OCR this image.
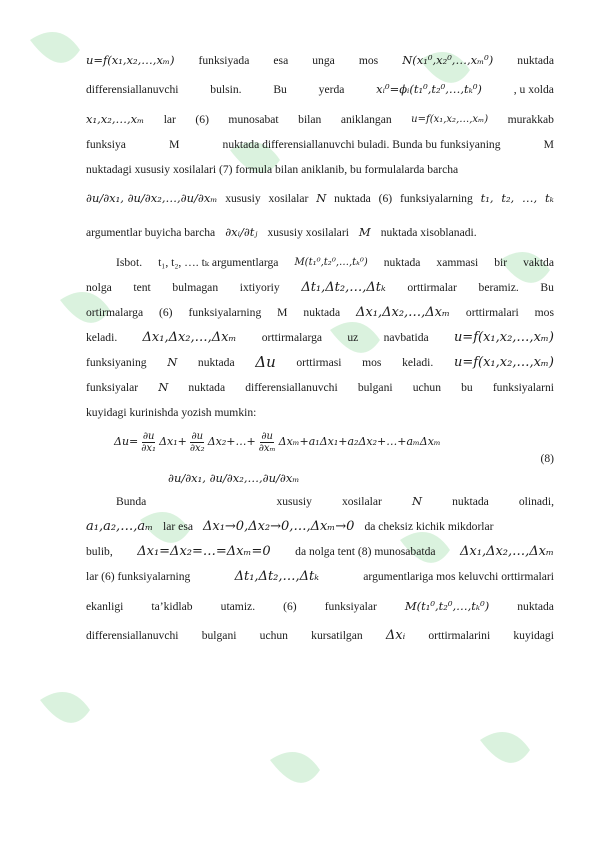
u=f(x₁,x₂,…,xₘ) funksiyada esa unga mos N(x₁⁰,x₂⁰,…,xₘ⁰) nuktada
differensiallanuvchi	bulsin.	Bu	yerda	xᵢ⁰=ϕᵢ(t₁⁰,t₂⁰,…,tₖ⁰)	, u xolda
x₁,x₂,…,xₘ lar (6) munosabat bilan aniklangan u=f(x₁,x₂,…,xₘ) murakkab
funksiya	M	nuktada differensiallanuvchi buladi. Bunda bu funksiyaning	M
nuktadagi xususiy xosilalari (7) formula bilan aniklanib, bu formulalarda barcha
∂u/∂x₁, ∂u/∂x₂,…,∂u/∂xₘ xususiy xosilalar N nuktada (6) funksiyalarning t₁, t₂, …, tₖ
argumentlar buyicha barcha ∂xᵢ/∂tⱼ xususiy xosilalari M nuktada xisoblanadi.
Isbot. t₁, t₂, …. tₖ argumentlarga M(t₁⁰,t₂⁰,…,tₖ⁰) nuktada xammasi bir vaktda
nolga tent bulmagan ixtiyoriy Δt₁,Δt₂,…,Δtₖ orttirmalar beramiz. Bu
ortirmalarga (6) funksiyalarning M nuktada Δx₁,Δx₂,…,Δxₘ orttirmalari mos
keladi. Δx₁,Δx₂,…,Δxₘ orttirmalarga uz navbatida u=f(x₁,x₂,…,xₘ)
funksiyaning N nuktada Δu orttirmasi mos keladi. u=f(x₁,x₂,…,xₘ)
funksiyalar N nuktada differensiallanuvchi bulgani uchun bu funksiyalarni
kuyidagi kurinishda yozish mumkin:
$\Delta u= \frac{\partial u}{\text{∂x₁}} \Delta x_1+ \frac{\partial u}{\text{∂x₂}}$ Δx₂+…+ $\frac{\partial u}{\text{∂xₘ}}$ Δxₘ+a₁Δx₁+a₂Δx₂+…+aₘΔxₘ
(8)
∂u/∂x₁, ∂u/∂x₂,…,∂u/∂xₘ
Bunda	xususiy	xosilalar	N	nuktada	olinadi,
a₁,a₂,…,aₘ lar esa Δx₁→0,Δx₂→0,…,Δxₘ→0 da cheksiz kichik mikdorlar
bulib, Δx₁=Δx₂=…=Δxₘ=0 da nolga tent (8) munosabatda Δx₁,Δx₂,…,Δxₘ
lar (6) funksiyalarning	Δt₁,Δt₂,…,Δtₖ	argumentlariga mos keluvchi orttirmalari
ekanligi ta’kidlab utamiz. (6) funksiyalar M(t₁⁰,t₂⁰,…,tₖ⁰) nuktada
differensiallanuvchi bulgani uchun kursatilgan Δxᵢ orttirmalarini kuyidagi
